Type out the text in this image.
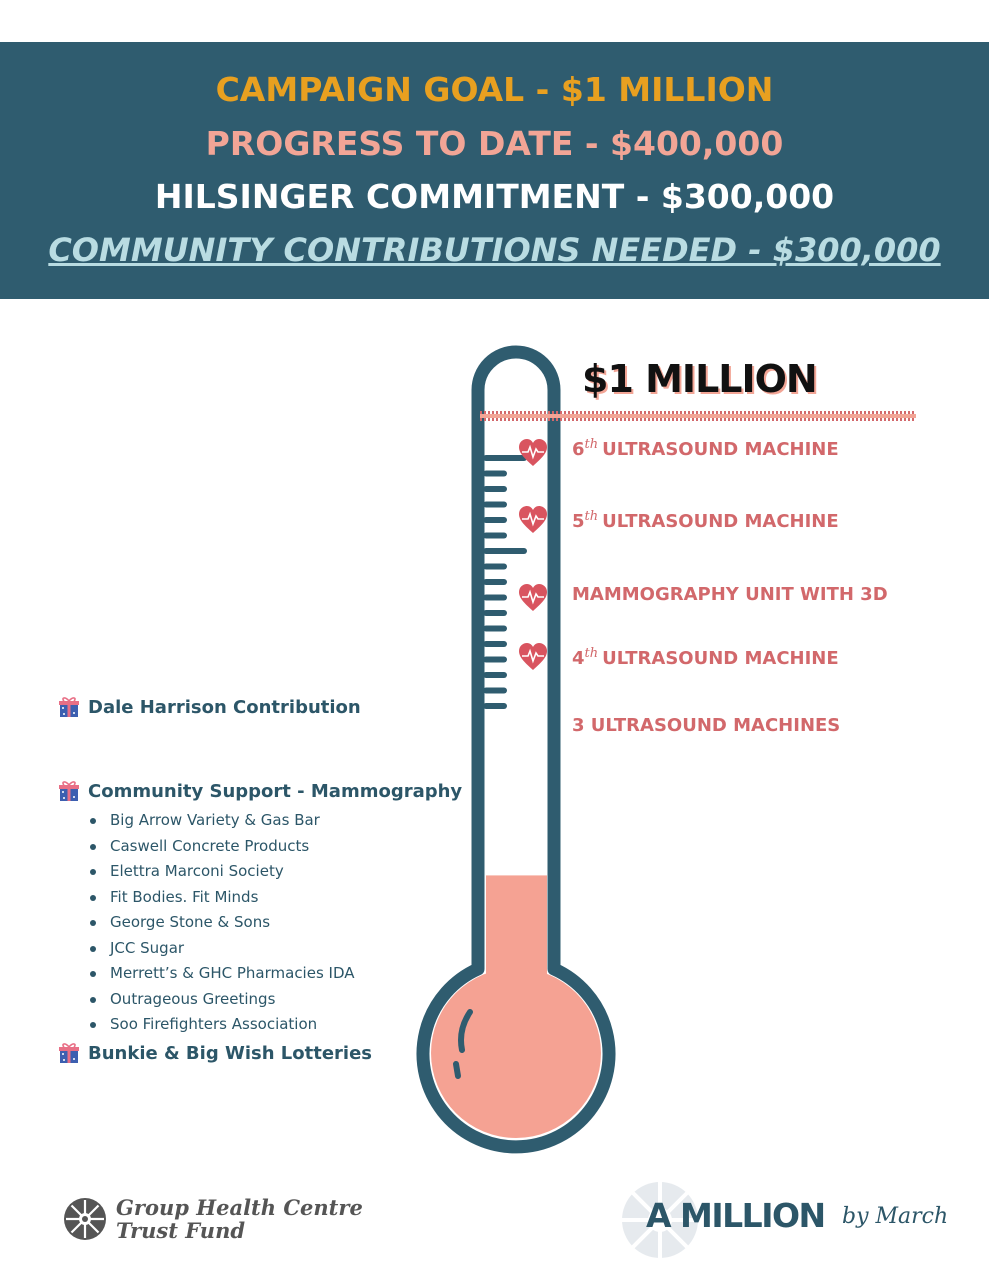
CAMPAIGN GOAL - $1 MILLION
PROGRESS TO DATE - $400,000
HILSINGER COMMITMENT - $300,000
COMMUNITY CONTRIBUTIONS NEEDED - $300,000
$1 MILLION
6th ULTRASOUND MACHINE
5th ULTRASOUND MACHINE
MAMMOGRAPHY UNIT WITH 3D
4th ULTRASOUND MACHINE
3 ULTRASOUND MACHINES
Dale Harrison Contribution
Community Support - Mammography
Big Arrow Variety & Gas Bar
Caswell Concrete Products
Elettra Marconi Society
Fit Bodies. Fit Minds
George Stone & Sons
JCC Sugar
Merrett’s & GHC Pharmacies IDA
Outrageous Greetings
Soo Firefighters Association
Bunkie & Big Wish Lotteries
Group Health Centre
Trust Fund	A MILLION by March
